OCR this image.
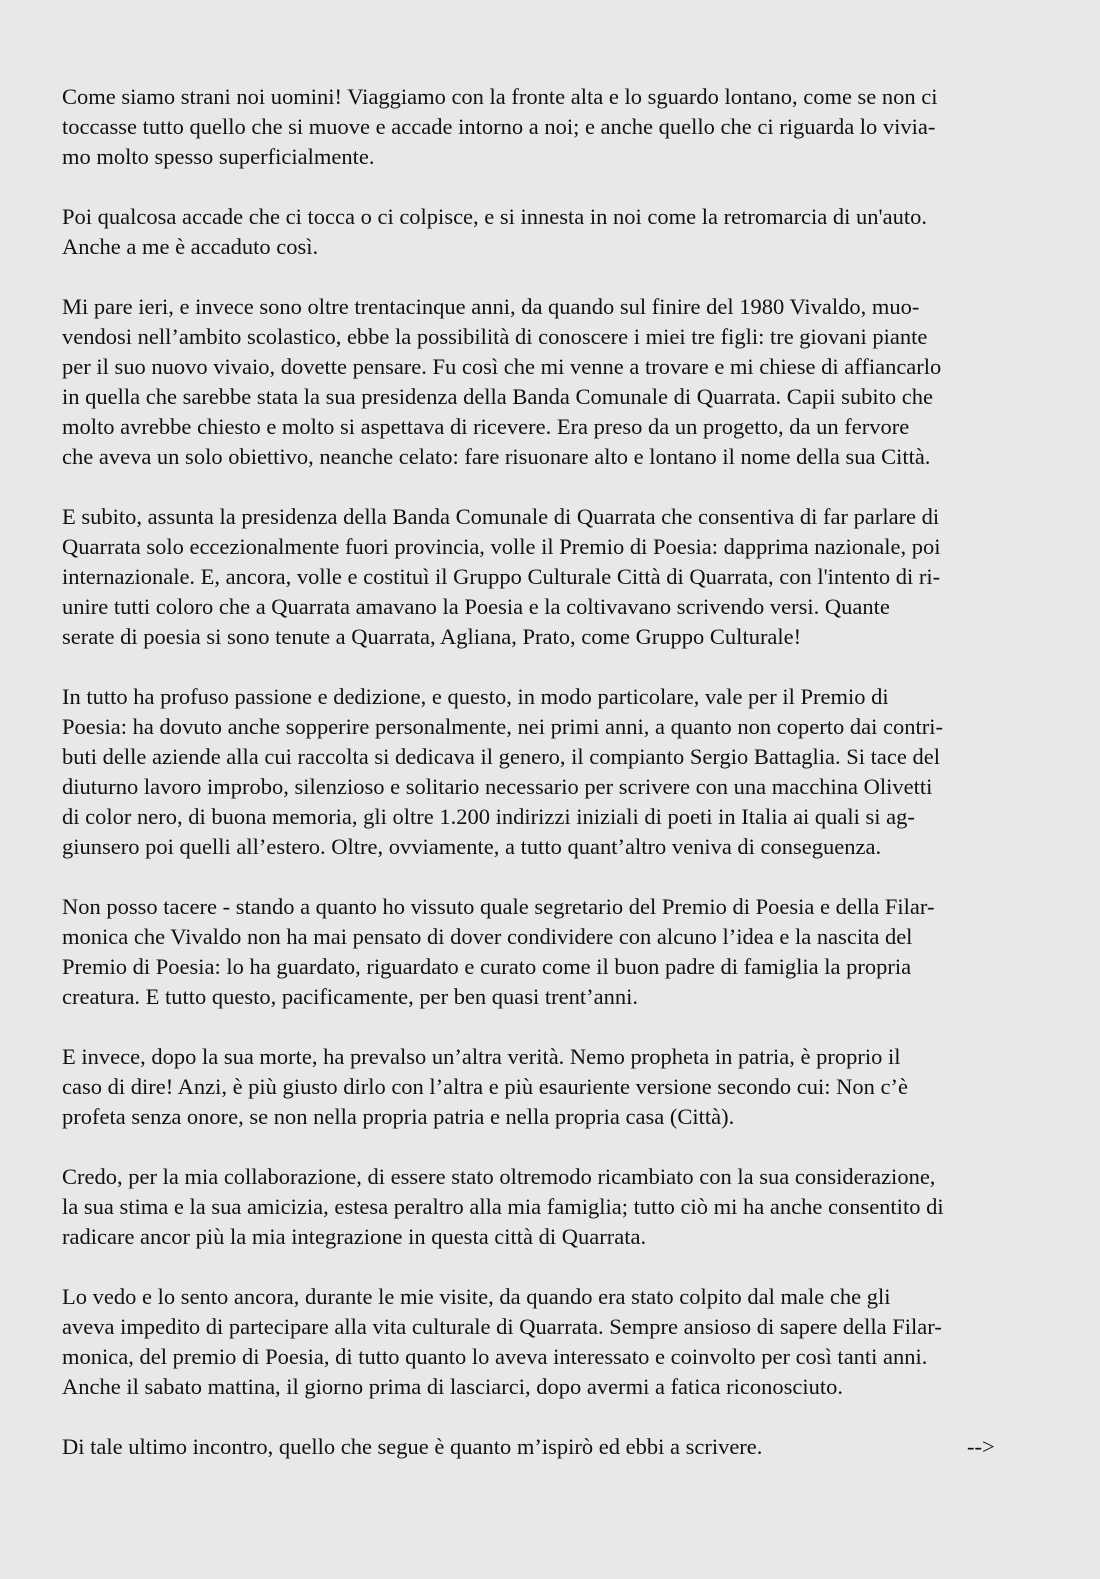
Come siamo strani noi uomini! Viaggiamo con la fronte alta e lo sguardo lontano, come se non ci
toccasse tutto quello che si muove e accade intorno a noi; e anche quello che ci riguarda lo vivia-
mo molto spesso superficialmente.
Poi qualcosa accade che ci tocca o ci colpisce, e si innesta in noi come la retromarcia di un'auto.
Anche a me è accaduto così.
Mi pare ieri, e invece sono oltre trentacinque anni, da quando sul finire del 1980 Vivaldo, muo-
vendosi nell’ambito scolastico, ebbe la possibilità di conoscere i miei tre figli: tre giovani piante
per il suo nuovo vivaio, dovette pensare. Fu così che mi venne a trovare e mi chiese di affiancarlo
in quella che sarebbe stata la sua presidenza della Banda Comunale di Quarrata. Capii subito che
molto avrebbe chiesto e molto si aspettava di ricevere. Era preso da un progetto, da un fervore
che aveva un solo obiettivo, neanche celato: fare risuonare alto e lontano il nome della sua Città.
E subito, assunta la presidenza della Banda Comunale di Quarrata che consentiva di far parlare di
Quarrata solo eccezionalmente fuori provincia, volle il Premio di Poesia: dapprima nazionale, poi
internazionale. E, ancora, volle e costituì il Gruppo Culturale Città di Quarrata, con l'intento di ri-
unire tutti coloro che a Quarrata amavano la Poesia e la coltivavano scrivendo versi. Quante
serate di poesia si sono tenute a Quarrata, Agliana, Prato, come Gruppo Culturale!
In tutto ha profuso passione e dedizione, e questo, in modo particolare, vale per il Premio di
Poesia: ha dovuto anche sopperire personalmente, nei primi anni, a quanto non coperto dai contri-
buti delle aziende alla cui raccolta si dedicava il genero, il compianto Sergio Battaglia. Si tace del
diuturno lavoro improbo, silenzioso e solitario necessario per scrivere con una macchina Olivetti
di color nero, di buona memoria, gli oltre 1.200 indirizzi iniziali di poeti in Italia ai quali si ag-
giunsero poi quelli all’estero. Oltre, ovviamente, a tutto quant’altro veniva di conseguenza.
Non posso tacere - stando a quanto ho vissuto quale segretario del Premio di Poesia e della Filar-
monica che Vivaldo non ha mai pensato di dover condividere con alcuno l’idea e la nascita del
Premio di Poesia: lo ha guardato, riguardato e curato come il buon padre di famiglia la propria
creatura. E tutto questo, pacificamente, per ben quasi trent’anni.
E invece, dopo la sua morte, ha prevalso un’altra verità. Nemo propheta in patria, è proprio il
caso di dire! Anzi, è più giusto dirlo con l’altra e più esauriente versione secondo cui: Non c’è
profeta senza onore, se non nella propria patria e nella propria casa (Città).
Credo, per la mia collaborazione, di essere stato oltremodo ricambiato con la sua considerazione,
la sua stima e la sua amicizia, estesa peraltro alla mia famiglia; tutto ciò mi ha anche consentito di
radicare ancor più la mia integrazione in questa città di Quarrata.
Lo vedo e lo sento ancora, durante le mie visite, da quando era stato colpito dal male che gli
aveva impedito di partecipare alla vita culturale di Quarrata. Sempre ansioso di sapere della Filar-
monica, del premio di Poesia, di tutto quanto lo aveva interessato e coinvolto per così tanti anni.
Anche il sabato mattina, il giorno prima di lasciarci, dopo avermi a fatica riconosciuto.
Di tale ultimo incontro, quello che segue è quanto m’ispirò ed ebbi a scrivere.	-->
